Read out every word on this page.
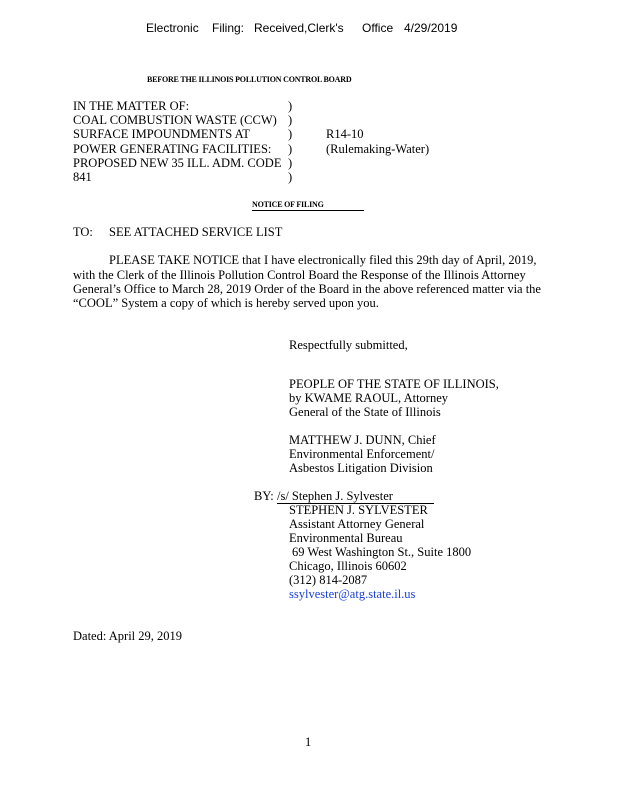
Electronic Filing: Received,Clerk's Office 4/29/2019
BEFORE THE ILLINOIS POLLUTION CONTROL BOARD
IN THE MATTER OF:
COAL COMBUSTION WASTE (CCW)
SURFACE IMPOUNDMENTS AT
POWER GENERATING FACILITIES:
PROPOSED NEW 35 ILL. ADM. CODE
841
)
)
)
)
)
)
R14-10
(Rulemaking-Water)
NOTICE OF FILING
TO: SEE ATTACHED SERVICE LIST
PLEASE TAKE NOTICE that I have electronically filed this 29th day of April, 2019,
with the Clerk of the Illinois Pollution Control Board the Response of the Illinois Attorney
General’s Office to March 28, 2019 Order of the Board in the above referenced matter via the
“COOL” System a copy of which is hereby served upon you.
Respectfully submitted,
PEOPLE OF THE STATE OF ILLINOIS,
by KWAME RAOUL, Attorney
General of the State of Illinois
MATTHEW J. DUNN, Chief
Environmental Enforcement/
Asbestos Litigation Division
BY: /s/ Stephen J. Sylvester
STEPHEN J. SYLVESTER
Assistant Attorney General
Environmental Bureau
69 West Washington St., Suite 1800
Chicago, Illinois 60602
(312) 814-2087
ssylvester@atg.state.il.us
Dated: April 29, 2019
1
